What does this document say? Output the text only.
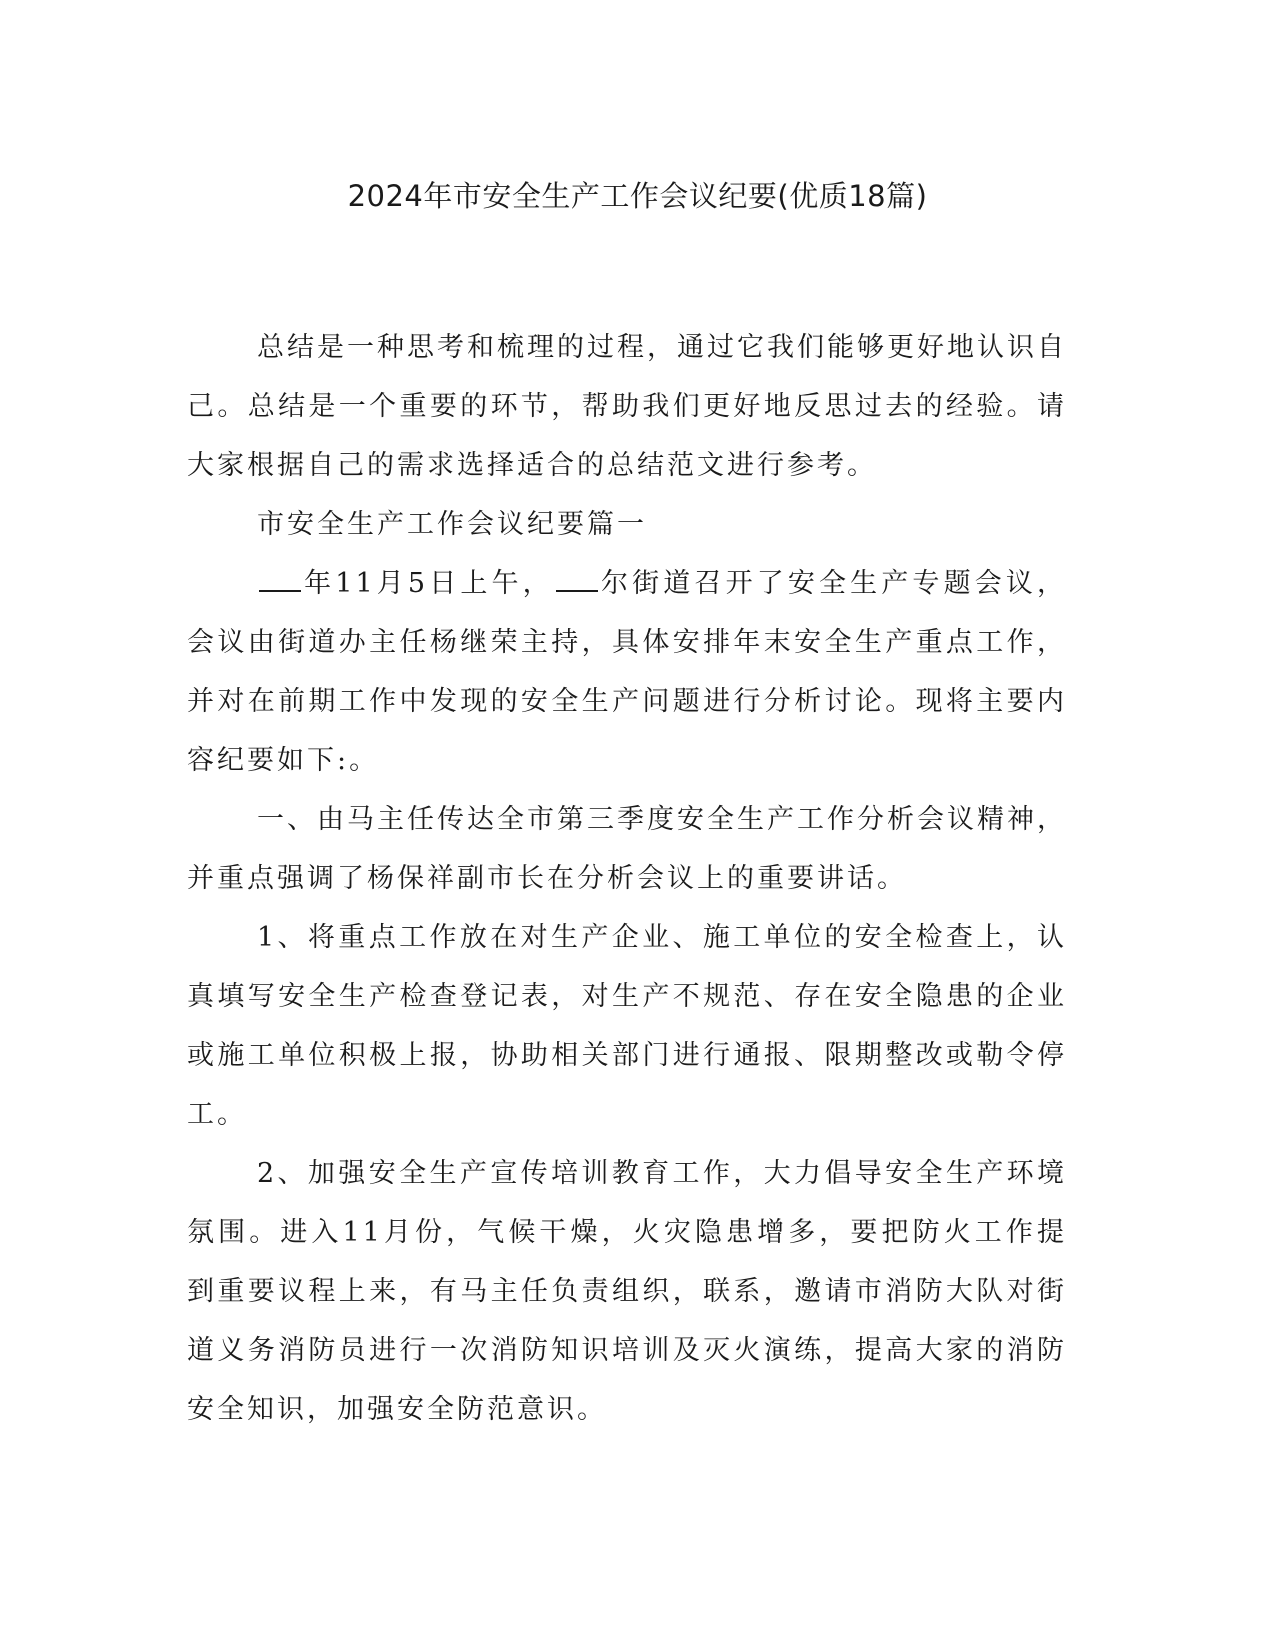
2024年市安全生产工作会议纪要(优质18篇)

总结是一种思考和梳理的过程，通过它我们能够更好地认识自己。总结是一个重要的环节，帮助我们更好地反思过去的经验。请大家根据自己的需求选择适合的总结范文进行参考。

市安全生产工作会议纪要篇一

年11月5日上午， 尔街道召开了安全生产专题会议，会议由街道办主任杨继荣主持，具体安排年末安全生产重点工作，并对在前期工作中发现的安全生产问题进行分析讨论。现将主要内容纪要如下:。

一、由马主任传达全市第三季度安全生产工作分析会议精神，并重点强调了杨保祥副市长在分析会议上的重要讲话。

1、将重点工作放在对生产企业、施工单位的安全检查上，认真填写安全生产检查登记表，对生产不规范、存在安全隐患的企业或施工单位积极上报，协助相关部门进行通报、限期整改或勒令停工。

2、加强安全生产宣传培训教育工作，大力倡导安全生产环境氛围。进入11月份，气候干燥，火灾隐患增多，要把防火工作提到重要议程上来，有马主任负责组织，联系，邀请市消防大队对街道义务消防员进行一次消防知识培训及灭火演练，提高大家的消防安全知识，加强安全防范意识。
